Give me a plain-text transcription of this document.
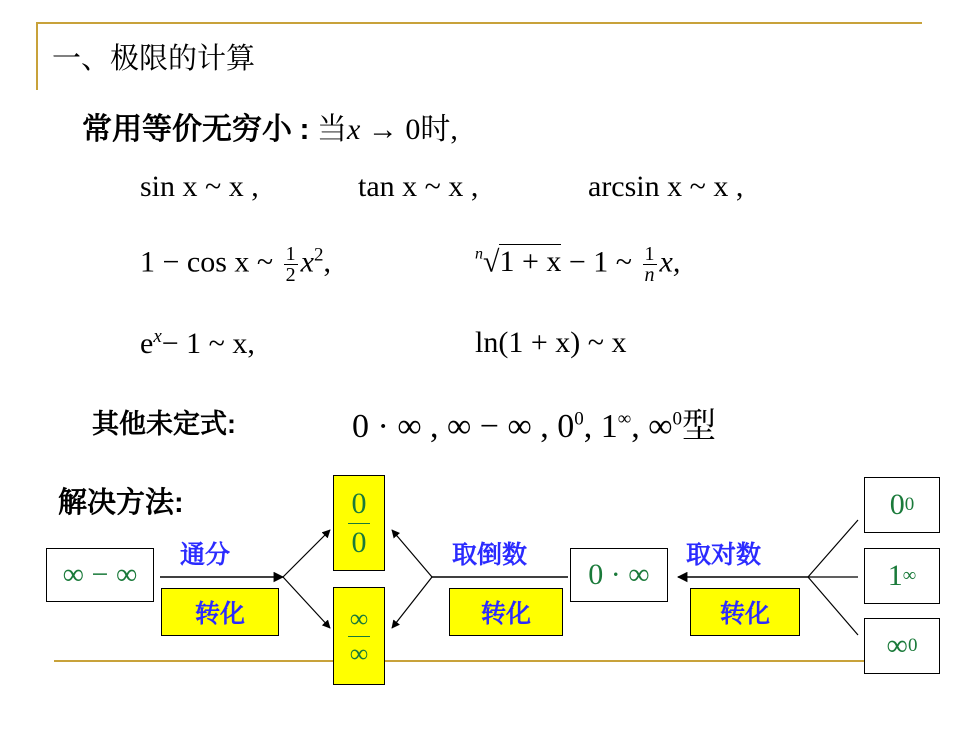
一、极限的计算
常用等价无穷小 : 当x → 0时,
sin x ~ x ,	tan x ~ x ,	arcsin x ~ x ,
1 − cos x ~ $\frac{1}{2} x^2$,	$^n$√1 + x − 1 ~ $\frac{1}{n} x$,
$e^x- 1$ ~ x,	ln(1 + x) ~ x
其他未定式:	0 · ∞ , ∞ − ∞ , $0^0$, 1∞, ∞$^0$型
解决方法:
∞ − ∞
通分
转化
0
0
∞
∞
取倒数
转化
0 · ∞
取对数
转化
0 0
1 ∞
∞ 0
